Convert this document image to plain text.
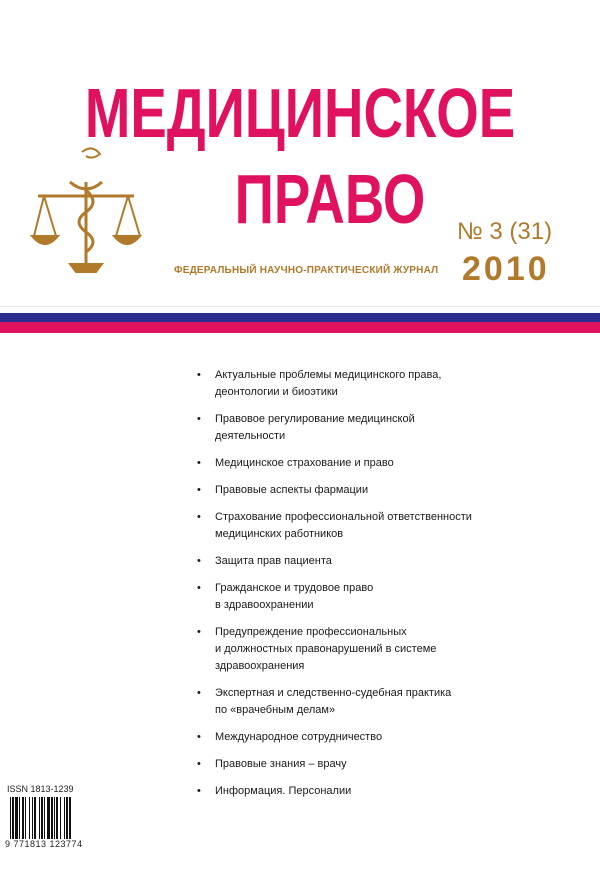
МЕДИЦИНСКОЕ
ПРАВО	№ 3 (31)
2010
ФЕДЕРАЛЬНЫЙ НАУЧНО-ПРАКТИЧЕСКИЙ ЖУРНАЛ
• Актуальные проблемы медицинского права,
деонтологии и биоэтики
• Правовое регулирование медицинской
деятельности
• Медицинское страхование и право
• Правовые аспекты фармации
• Страхование профессиональной ответственности
медицинских работников
• Защита прав пациента
• Гражданское и трудовое право
в здравоохранении
• Предупреждение профессиональных
и должностных правонарушений в системе
здравоохранения
• Экспертная и следственно-судебная практика
по «врачебным делам»
• Международное сотрудничество
• Правовые знания – врачу
• Информация. Персоналии
ISSN 1813-1239
9 771813 123774
